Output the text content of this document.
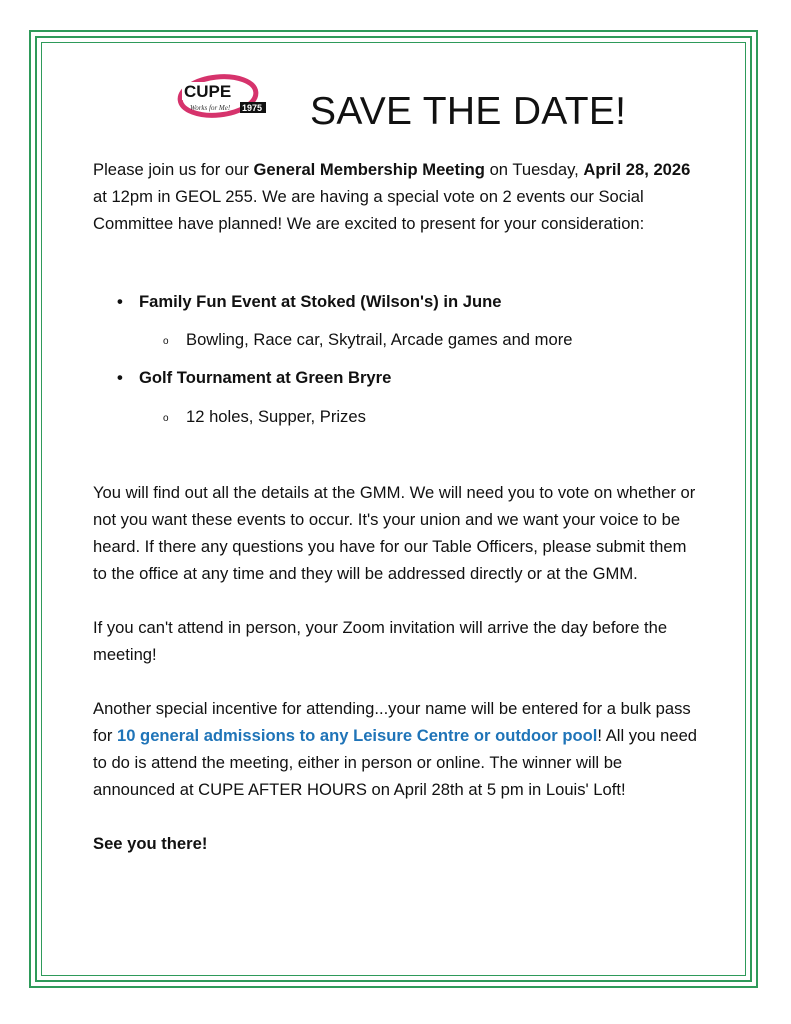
CUPE
Works for Me! 1975 SAVE THE DATE!

Please join us for our General Membership Meeting on Tuesday, April 28, 2026 at 12pm in GEOL 255. We are having a special vote on 2 events our Social Committee have planned! We are excited to present for your consideration:

• Family Fun Event at Stoked (Wilson's) in June
o Bowling, Race car, Skytrail, Arcade games and more
• Golf Tournament at Green Bryre
o 12 holes, Supper, Prizes

You will find out all the details at the GMM. We will need you to vote on whether or not you want these events to occur. It's your union and we want your voice to be heard. If there any questions you have for our Table Officers, please submit them to the office at any time and they will be addressed directly or at the GMM.

If you can't attend in person, your Zoom invitation will arrive the day before the meeting!

Another special incentive for attending...your name will be entered for a bulk pass for 10 general admissions to any Leisure Centre or outdoor pool! All you need to do is attend the meeting, either in person or online. The winner will be announced at CUPE AFTER HOURS on April 28th at 5 pm in Louis' Loft!

See you there!
